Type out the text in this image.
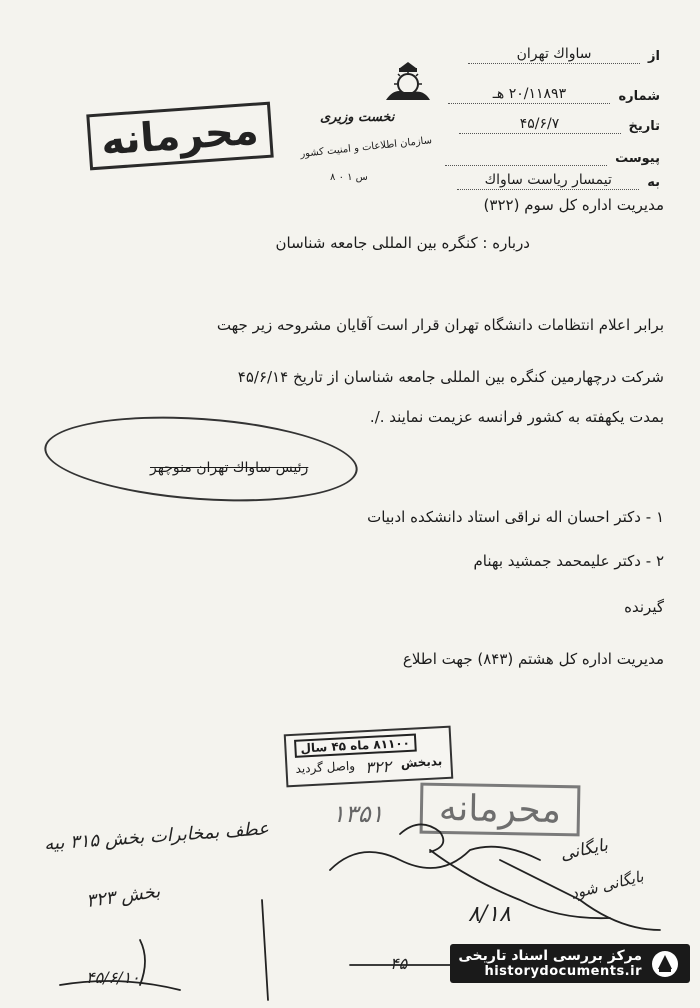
از
ساواك تهران
شماره
۲۰/۱۱۸۹۳ هـ
تاریخ
۴۵/۶/۷
پیوست

به
تيمسار رياست ساواك
نخست وزیری
سازمان اطلاعات و امنیت کشور
س ۱ ۰ ۸
محرمانه
مدیریت اداره کل سوم (۳۲۲)
درباره : کنگره بین المللی جامعه شناسان
برابر اعلام انتظامات دانشگاه تهران قرار است آقایان مشروحه زیر جهت
شرکت درچهارمین کنگره بین المللی جامعه شناسان از تاریخ ۴۵/۶/۱۴
بمدت یکهفته به کشور فرانسه عزیمت نمایند ./.
رئیس ساواك تهران منوچهر
۱ - دکتر احسان اله نراقی استاد دانشکده ادبیات
۲ - دکتر علیمحمد جمشید بهنام
گیرنده
مدیریت اداره کل هشتم (۸۴۳) جهت اطلاع
۸۱۱۰۰ ماه ۴۵ سال
بدبخش
۳۲۲
واصل گردید
محرمانه
۱۳۵۱
عطف بمخابرات بخش ۳۱۵ بیه
بخش ۳۲۳
۴۵/۶/۱۰
۴۵
۸/۱۸
بایگانی
بایگانی شود
مرکز بررسی اسناد تاریخی
historydocuments.ir
